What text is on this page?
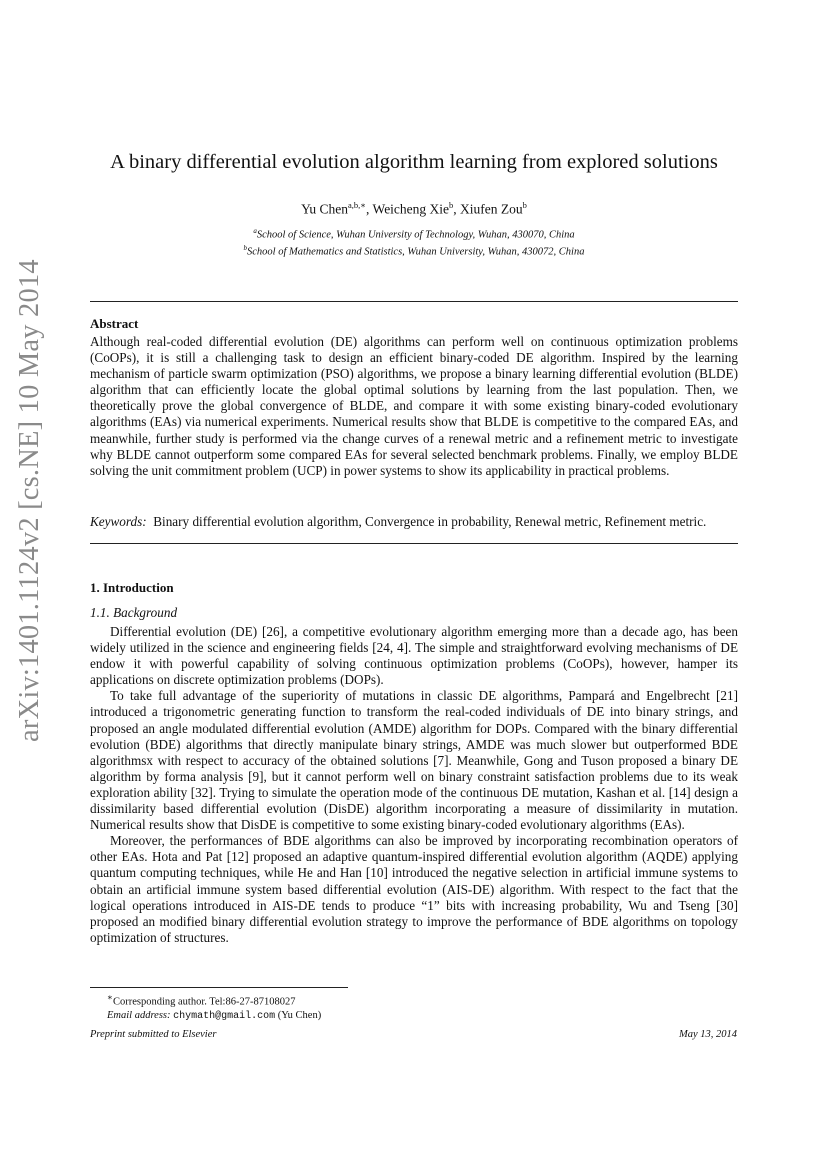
arXiv:1401.1124v2 [cs.NE] 10 May 2014
A binary differential evolution algorithm learning from explored solutions
Yu Chen$^{a,b,∗}$, Weicheng Xie$^b$, Xiufen Zou$^b$
$^a$School of Science, Wuhan University of Technology, Wuhan, 430070, China
$^b$School of Mathematics and Statistics, Wuhan University, Wuhan, 430072, China
Abstract
Although real-coded differential evolution (DE) algorithms can perform well on continuous optimization problems (CoOPs), it is still a challenging task to design an efficient binary-coded DE algorithm. Inspired by the learning mechanism of particle swarm optimization (PSO) algorithms, we propose a binary learning differential evolution (BLDE) algorithm that can efficiently locate the global optimal solutions by learning from the last population. Then, we theoretically prove the global convergence of BLDE, and compare it with some existing binary-coded evolutionary algorithms (EAs) via numerical experiments. Numerical results show that BLDE is competitive to the compared EAs, and meanwhile, further study is performed via the change curves of a renewal metric and a refinement metric to investigate why BLDE cannot outperform some compared EAs for several selected benchmark problems. Finally, we employ BLDE solving the unit commitment problem (UCP) in power systems to show its applicability in practical problems.
Keywords: Binary differential evolution algorithm, Convergence in probability, Renewal metric, Refinement metric.
1. Introduction
1.1. Background

Differential evolution (DE) [26], a competitive evolutionary algorithm emerging more than a decade ago, has been widely utilized in the science and engineering fields [24, 4]. The simple and straightforward evolving mechanisms of DE endow it with powerful capability of solving continuous optimization problems (CoOPs), however, hamper its applications on discrete optimization problems (DOPs).

To take full advantage of the superiority of mutations in classic DE algorithms, Pampará and Engelbrecht [21] introduced a trigonometric generating function to transform the real-coded individuals of DE into binary strings, and proposed an angle modulated differential evolution (AMDE) algorithm for DOPs. Compared with the binary differential evolution (BDE) algorithms that directly manipulate binary strings, AMDE was much slower but outperformed BDE algorithmsx with respect to accuracy of the obtained solutions [7]. Meanwhile, Gong and Tuson proposed a binary DE algorithm by forma analysis [9], but it cannot perform well on binary constraint satisfaction problems due to its weak exploration ability [32]. Trying to simulate the operation mode of the continuous DE mutation, Kashan et al. [14] design a dissimilarity based differential evolution (DisDE) algorithm incorporating a measure of dissimilarity in mutation. Numerical results show that DisDE is competitive to some existing binary-coded evolutionary algorithms (EAs).

Moreover, the performances of BDE algorithms can also be improved by incorporating recombination operators of other EAs. Hota and Pat [12] proposed an adaptive quantum-inspired differential evolution algorithm (AQDE) applying quantum computing techniques, while He and Han [10] introduced the negative selection in artificial immune systems to obtain an artificial immune system based differential evolution (AIS-DE) algorithm. With respect to the fact that the logical operations introduced in AIS-DE tends to produce “1” bits with increasing probability, Wu and Tseng [30] proposed an modified binary differential evolution strategy to improve the performance of BDE algorithms on topology optimization of structures.

∗Corresponding author. Tel:86-27-87108027
Email address: chymath@gmail.com (Yu Chen)
Preprint submitted to Elsevier	May 13, 2014
